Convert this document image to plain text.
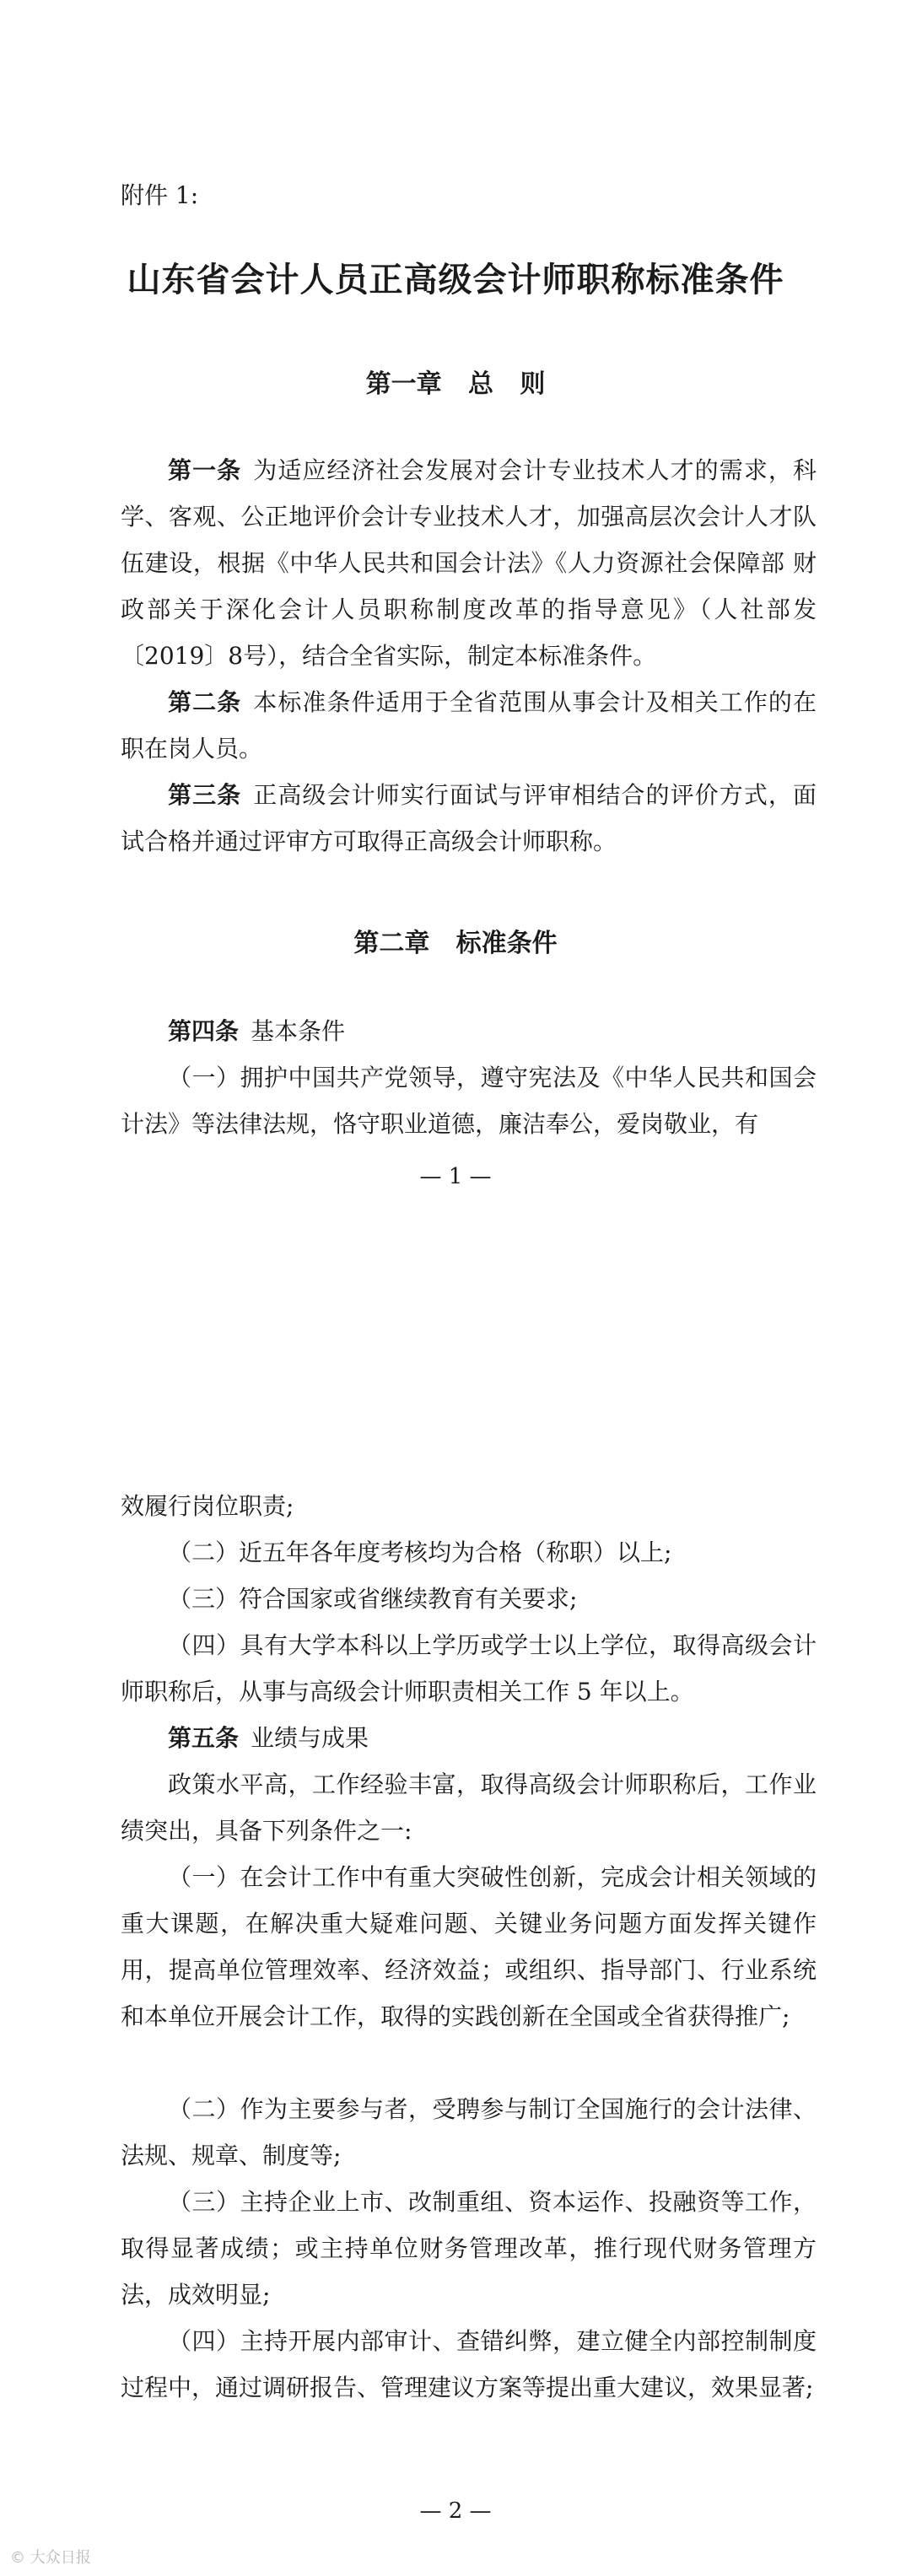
附件 1:
山东省会计人员正高级会计师职称标准条件
第一章   总   则
第一条 为适应经济社会发展对会计专业技术人才的需求，科学、客观、公正地评价会计专业技术人才，加强高层次会计人才队伍建设，根据《中华人民共和国会计法》《人力资源社会保障部 财政部关于深化会计人员职称制度改革的指导意见》（人社部发〔2019〕8号），结合全省实际，制定本标准条件。
第二条 本标准条件适用于全省范围从事会计及相关工作的在职在岗人员。
第三条 正高级会计师实行面试与评审相结合的评价方式，面试合格并通过评审方可取得正高级会计师职称。
第二章   标准条件
第四条 基本条件
（一）拥护中国共产党领导，遵守宪法及《中华人民共和国会计法》等法律法规，恪守职业道德，廉洁奉公，爱岗敬业，有
— 1 —
效履行岗位职责;
（二）近五年各年度考核均为合格（称职）以上;
（三）符合国家或省继续教育有关要求;
（四）具有大学本科以上学历或学士以上学位，取得高级会计师职称后，从事与高级会计师职责相关工作 5 年以上。
第五条 业绩与成果
政策水平高，工作经验丰富，取得高级会计师职称后，工作业绩突出，具备下列条件之一:
（一）在会计工作中有重大突破性创新，完成会计相关领域的重大课题，在解决重大疑难问题、关键业务问题方面发挥关键作用，提高单位管理效率、经济效益；或组织、指导部门、行业系统和本单位开展会计工作，取得的实践创新在全国或全省获得推广;
（二）作为主要参与者，受聘参与制订全国施行的会计法律、法规、规章、制度等;
（三）主持企业上市、改制重组、资本运作、投融资等工作，取得显著成绩；或主持单位财务管理改革，推行现代财务管理方法，成效明显;
（四）主持开展内部审计、查错纠弊，建立健全内部控制制度过程中，通过调研报告、管理建议方案等提出重大建议，效果显著;
— 2 —
© 大众日报
